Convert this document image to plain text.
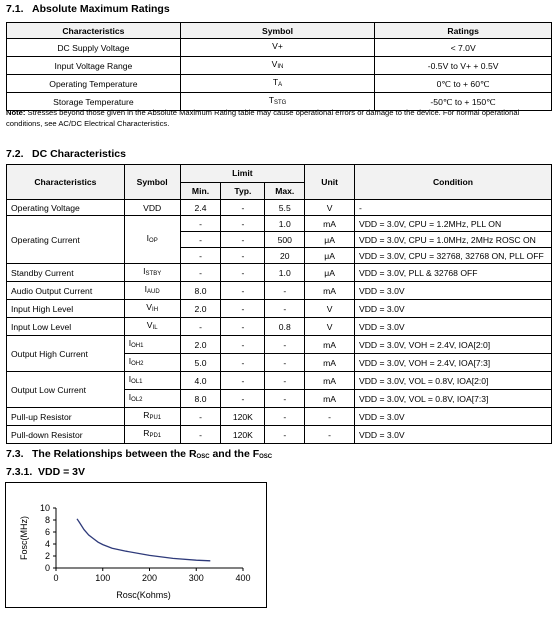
7.1. Absolute Maximum Ratings
Characteristics	Symbol	Ratings
DC Supply Voltage	V+	< 7.0V
Input Voltage Range	$V_{IN}$	-0.5V to V+ + 0.5V
Operating Temperature	$T_A$	0℃ to + 60℃
Storage Temperature	$T_{STG}$	-50℃ to + 150℃
Note: Stresses beyond those given in the Absolute Maximum Rating table may cause operational errors or damage to the device. For normal operational conditions, see AC/DC Electrical Characteristics.
7.2. DC Characteristics
Characteristics	Symbol	Limit			Unit	Condition
		Min.	Typ.	Max.		
Operating Voltage	VDD	2.4	-	5.5	V	-
Operating Current	$I_{OP}$	-	-	1.0	mA	VDD = 3.0V, CPU = 1.2MHz, PLL ON
		-	-	500	μA	VDD = 3.0V, CPU = 1.0MHz, 2MHz ROSC ON
		-	-	20	μA	VDD = 3.0V, CPU = 32768, 32768 ON, PLL OFF
Standby Current	$I_{STBY}$	-	-	1.0	μA	VDD = 3.0V, PLL & 32768 OFF
Audio Output Current	$I_{AUD}$	8.0	-	-	mA	VDD = 3.0V
Input High Level	$V_{IH}$	2.0	-	-	V	VDD = 3.0V
Input Low Level	$V_{IL}$	-	-	0.8	V	VDD = 3.0V
Output High Current	$I_{OH1}$	2.0	-	-	mA	VDD = 3.0V, VOH = 2.4V, IOA[2:0]
	$I_{OH2}$	5.0	-	-	mA	VDD = 3.0V, VOH = 2.4V, IOA[7:3]
Output Low Current	$I_{OL1}$	4.0	-	-	mA	VDD = 3.0V, VOL = 0.8V, IOA[2:0]
	$I_{OL2}$	8.0	-	-	mA	VDD = 3.0V, VOL = 0.8V, IOA[7:3]
Pull-up Resistor	$R_{PU1}$	-	120K	-	-	VDD = 3.0V
Pull-down Resistor	$R_{PD1}$	-	120K	-	-	VDD = 3.0V
7.3. The Relationships between the $R_{OSC}$ and the $F_{OSC}$
7.3.1. VDD = 3V
0
2
4
6
8
10
0	100	200	300	400
Rosc(Kohms)
Fosc(MHz)
